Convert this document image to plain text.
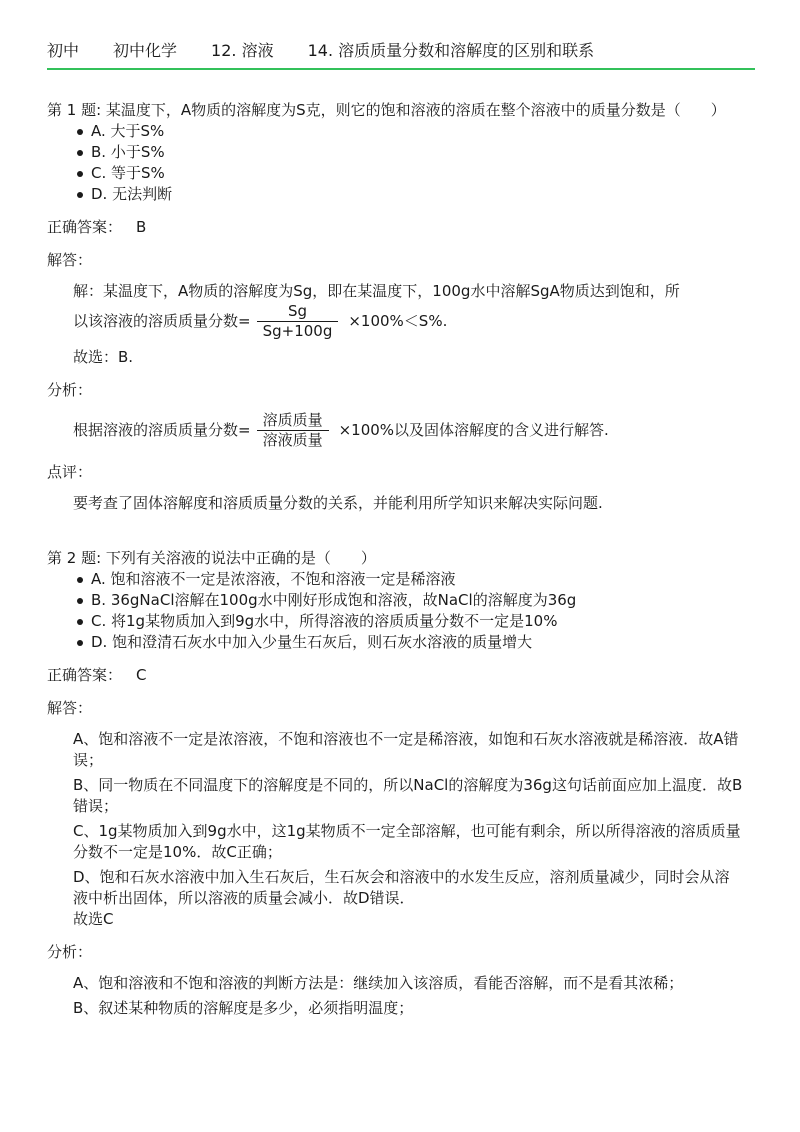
初中 初中化学 12. 溶液 14. 溶质质量分数和溶解度的区别和联系

第 1 题: 某温度下，A物质的溶解度为S克，则它的饱和溶液的溶质在整个溶液中的质量分数是（　　）

A. 大于S%
B. 小于S%
C. 等于S%
D. 无法判断
正确答案： B
解答：
解：某温度下，A物质的溶解度为Sg，即在某温度下，100g水中溶解SgA物质达到饱和，所
以该溶液的溶质质量分数= $\frac{Sg}{Sg+100g} \times 100\%<S\%$.
故选：B.
分析：
根据溶液的溶质质量分数= $\frac{\text{溶质质量}}{\text{溶液质量}} \times 100\%$以及固体溶解度的含义进行解答.
点评：
要考查了固体溶解度和溶质质量分数的关系，并能利用所学知识来解决实际问题.

第 2 题: 下列有关溶液的说法中正确的是（　　）

A. 饱和溶液不一定是浓溶液，不饱和溶液一定是稀溶液
B. 36gNaCl溶解在100g水中刚好形成饱和溶液，故NaCl的溶解度为36g
C. 将1g某物质加入到9g水中，所得溶液的溶质质量分数不一定是10%
D. 饱和澄清石灰水中加入少量生石灰后，则石灰水溶液的质量增大
正确答案： C
解答：
A、饱和溶液不一定是浓溶液，不饱和溶液也不一定是稀溶液，如饱和石灰水溶液就是稀溶液．故A错误；
B、同一物质在不同温度下的溶解度是不同的，所以NaCl的溶解度为36g这句话前面应加上温度．故B错误；
C、1g某物质加入到9g水中，这1g某物质不一定全部溶解，也可能有剩余，所以所得溶液的溶质质量分数不一定是10%．故C正确；
D、饱和石灰水溶液中加入生石灰后，生石灰会和溶液中的水发生反应，溶剂质量减少，同时会从溶液中析出固体，所以溶液的质量会减小．故D错误．
故选C
分析：
A、饱和溶液和不饱和溶液的判断方法是：继续加入该溶质，看能否溶解，而不是看其浓稀；
B、叙述某种物质的溶解度是多少，必须指明温度；
